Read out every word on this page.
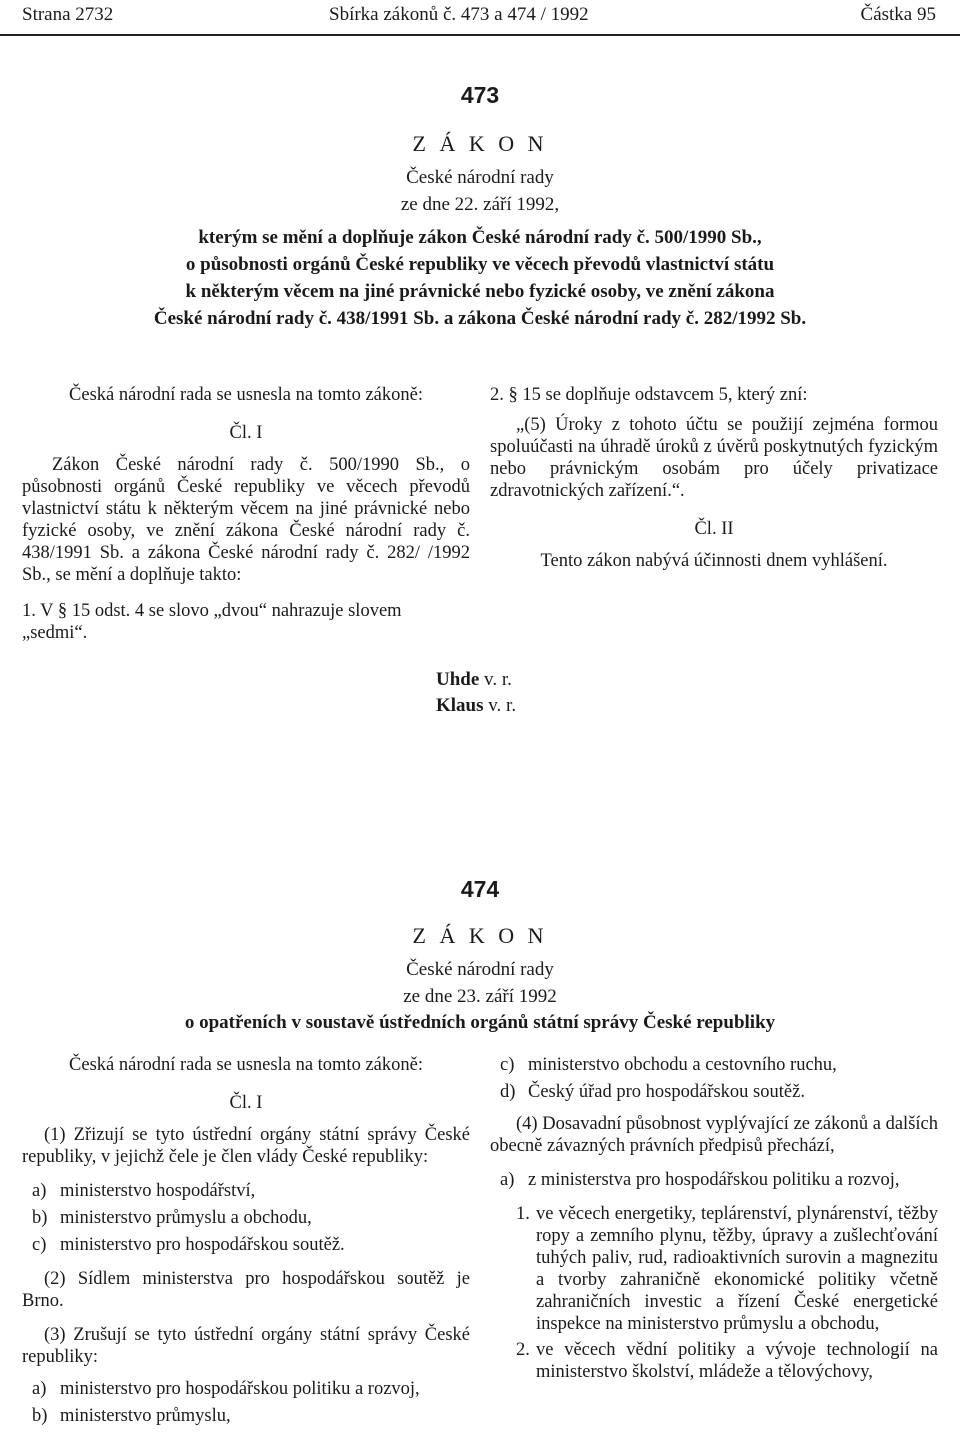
Strana 2732	Sbírka zákonů č. 473 a 474 / 1992	Částka 95
473
Z Á K O N
České národní rady
ze dne 22. září 1992,
kterým se mění a doplňuje zákon České národní rady č. 500/1990 Sb.,
o působnosti orgánů České republiky ve věcech převodů vlastnictví státu
k některým věcem na jiné právnické nebo fyzické osoby, ve znění zákona
České národní rady č. 438/1991 Sb. a zákona České národní rady č. 282/1992 Sb.

Česká národní rada se usnesla na tomto zákoně:

Čl. I

Zákon České národní rady č. 500/1990 Sb., o působnosti orgánů České republiky ve věcech převodů vlastnictví státu k některým věcem na jiné právnické nebo fyzické osoby, ve znění zákona České národní rady č. 438/1991 Sb. a zákona České národní rady č. 282/ /1992 Sb., se mění a doplňuje takto:

1. V § 15 odst. 4 se slovo „dvou“ nahrazuje slovem „sedmi“.

2. § 15 se doplňuje odstavcem 5, který zní:

„(5) Úroky z tohoto účtu se použijí zejména formou spoluúčasti na úhradě úroků z úvěrů poskytnutých fyzickým nebo právnickým osobám pro účely privatizace zdravotnických zařízení.“.

Čl. II

Tento zákon nabývá účinnosti dnem vyhlášení.

Uhde v. r.
Klaus v. r.
474
Z Á K O N
České národní rady
ze dne 23. září 1992
o opatřeních v soustavě ústředních orgánů státní správy České republiky

Česká národní rada se usnesla na tomto zákoně:

Čl. I

(1) Zřizují se tyto ústřední orgány státní správy České republiky, v jejichž čele je člen vlády České republiky:

a) ministerstvo hospodářství,
b) ministerstvo průmyslu a obchodu,
c) ministerstvo pro hospodářskou soutěž.

(2) Sídlem ministerstva pro hospodářskou soutěž je Brno.

(3) Zrušují se tyto ústřední orgány státní správy České republiky:

a) ministerstvo pro hospodářskou politiku a rozvoj,
b) ministerstvo průmyslu,
c) ministerstvo obchodu a cestovního ruchu,
d) Český úřad pro hospodářskou soutěž.

(4) Dosavadní působnost vyplývající ze zákonů a dalších obecně závazných právních předpisů přechází,

a) z ministerstva pro hospodářskou politiku a rozvoj,
1. ve věcech energetiky, teplárenství, plynárenství, těžby ropy a zemního plynu, těžby, úpravy a zušlechťování tuhých paliv, rud, radioaktivních surovin a magnezitu a tvorby zahraničně ekonomické politiky včetně zahraničních investic a řízení České energetické inspekce na ministerstvo průmyslu a obchodu,
2. ve věcech vědní politiky a vývoje technologií na ministerstvo školství, mládeže a tělovýchovy,
